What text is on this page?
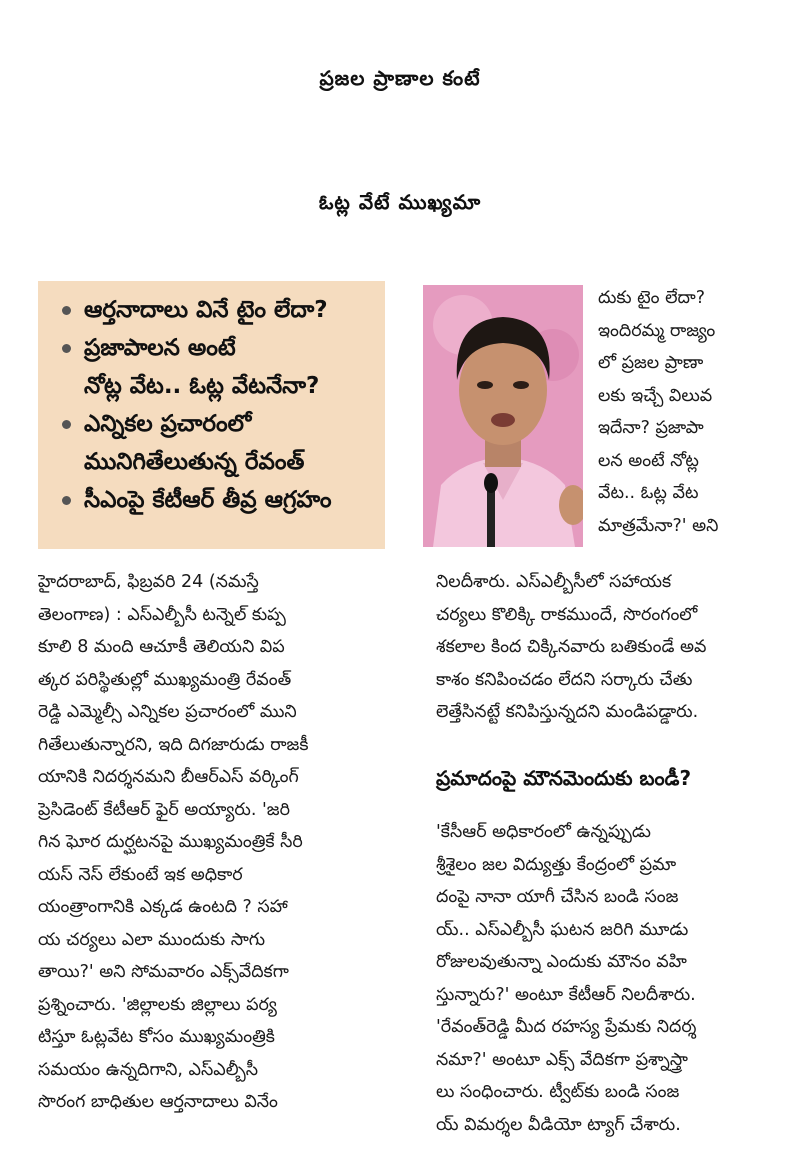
ప్రజల ప్రాణాల కంటే
ఓట్ల వేటే ముఖ్యమా
ఆర్తనాదాలు వినే టైం లేదా?
ప్రజాపాలన అంటే
నోట్ల వేట.. ఓట్ల వేటనేనా?
ఎన్నికల ప్రచారంలో
మునిగితేలుతున్న రేవంత్
సీఎంపై కేటీఆర్ తీవ్ర ఆగ్రహం
దుకు టైం లేదా?
ఇందిరమ్మ రాజ్యం
లో ప్రజల ప్రాణా
లకు ఇచ్చే విలువ
ఇదేనా? ప్రజాపా
లన అంటే నోట్ల
వేట.. ఓట్ల వేట
మాత్రమేనా?' అని
హైదరాబాద్, ఫిబ్రవరి 24 (నమస్తే
తెలంగాణ) : ఎస్ఎల్బీసీ టన్నెల్ కుప్ప
కూలి 8 మంది ఆచూకీ తెలియని విప
త్కర పరిస్థితుల్లో ముఖ్యమంత్రి రేవంత్
రెడ్డి ఎమ్మెల్సీ ఎన్నికల ప్రచారంలో ముని
గితేలుతున్నారని, ఇది దిగజారుడు రాజకీ
యానికి నిదర్శనమని బీఆర్ఎస్ వర్కింగ్
ప్రెసిడెంట్ కేటీఆర్ ఫైర్ అయ్యారు. 'జరి
గిన ఘోర దుర్ఘటనపై ముఖ్యమంత్రికే సీరి
యస్ నెస్ లేకుంటే ఇక అధికార
యంత్రాంగానికి ఎక్కడ ఉంటది ? సహా
య చర్యలు ఎలా ముందుకు సాగు
తాయి?' అని సోమవారం ఎక్స్‌వేదికగా
ప్రశ్నించారు. 'జిల్లాలకు జిల్లాలు పర్య
టిస్తూ ఓట్లవేట కోసం ముఖ్యమంత్రికి
సమయం ఉన్నదిగాని, ఎస్ఎల్బీసీ
సొరంగ బాధితుల ఆర్తనాదాలు వినేం
నిలదీశారు. ఎస్ఎల్బీసీలో సహాయక
చర్యలు కొలిక్కి రాకముందే, సొరంగంలో
శకలాల కింద చిక్కినవారు బతికుండే అవ
కాశం కనిపించడం లేదని సర్కారు చేతు
లెత్తేసినట్టే కనిపిస్తున్నదని మండిపడ్డారు.
ప్రమాదంపై మౌనమెందుకు బండీ?
'కేసీఆర్ అధికారంలో ఉన్నప్పుడు
శ్రీశైలం జల విద్యుత్తు కేంద్రంలో ప్రమా
దంపై నానా యాగీ చేసిన బండి సంజ
య్.. ఎస్ఎల్బీసీ ఘటన జరిగి మూడు
రోజులవుతున్నా ఎందుకు మౌనం వహి
స్తున్నారు?' అంటూ కేటీఆర్ నిలదీశారు.
'రేవంత్‌రెడ్డి మీద రహస్య ప్రేమకు నిదర్శ
నమా?' అంటూ ఎక్స్ వేదికగా ప్రశ్నాస్త్రా
లు సంధించారు. ట్వీట్‌కు బండి సంజ
య్ విమర్శల వీడియో ట్యాగ్ చేశారు.
